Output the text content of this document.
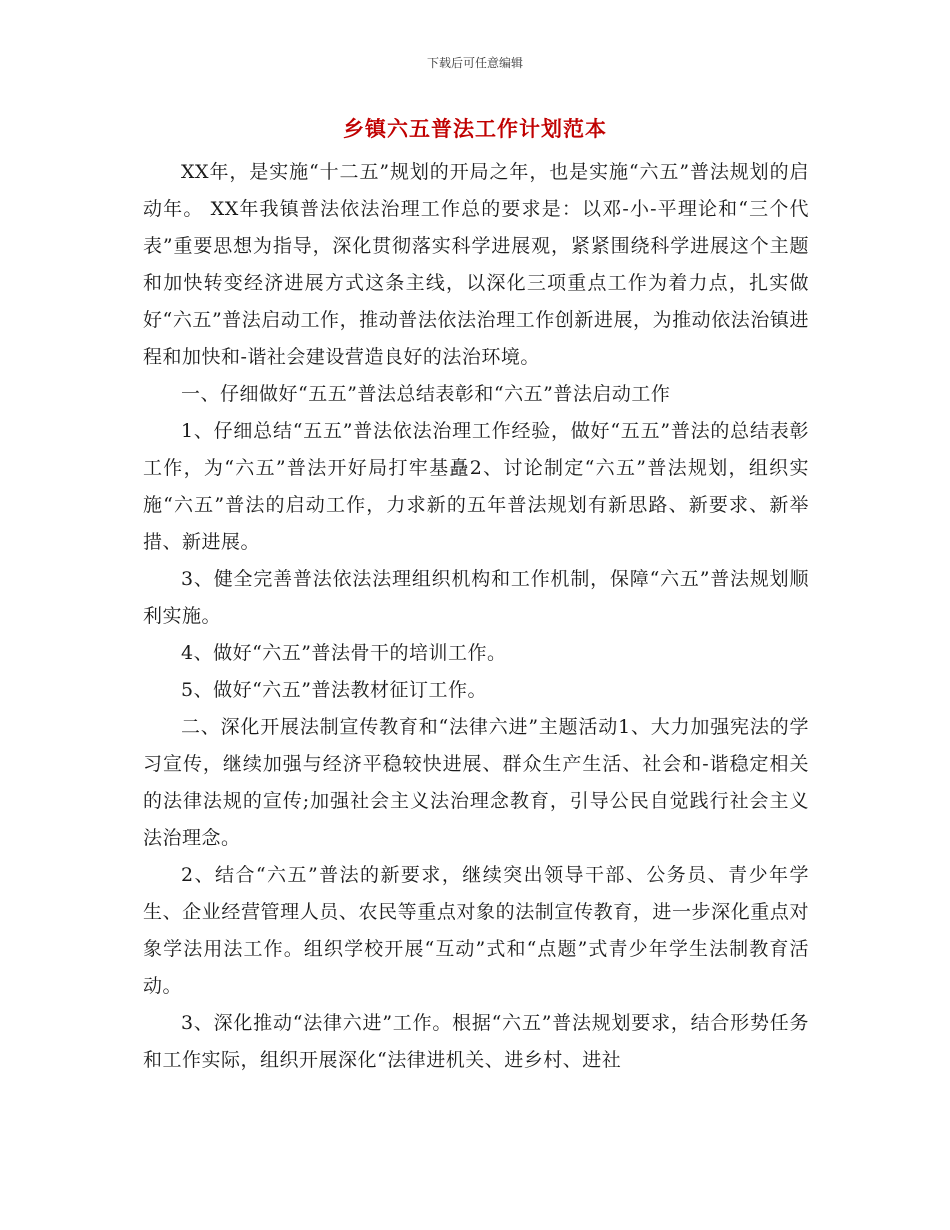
下载后可任意编辑
乡镇六五普法工作计划范本

XX年，是实施“十二五”规划的开局之年，也是实施“六五”普法规划的启动年。 XX年我镇普法依法治理工作总的要求是：以邓-小-平理论和“三个代表”重要思想为指导，深化贯彻落实科学进展观，紧紧围绕科学进展这个主题和加快转变经济进展方式这条主线，以深化三项重点工作为着力点，扎实做好“六五”普法启动工作，推动普法依法治理工作创新进展，为推动依法治镇进程和加快和-谐社会建设营造良好的法治环境。

一、仔细做好“五五”普法总结表彰和“六五”普法启动工作

1、仔细总结“五五”普法依法治理工作经验，做好“五五”普法的总结表彰工作，为“六五”普法开好局打牢基矗2、讨论制定“六五”普法规划，组织实施“六五”普法的启动工作，力求新的五年普法规划有新思路、新要求、新举措、新进展。

3、健全完善普法依法法理组织机构和工作机制，保障“六五”普法规划顺利实施。

4、做好“六五”普法骨干的培训工作。

5、做好“六五”普法教材征订工作。

二、深化开展法制宣传教育和“法律六进”主题活动1、大力加强宪法的学习宣传，继续加强与经济平稳较快进展、群众生产生活、社会和-谐稳定相关的法律法规的宣传;加强社会主义法治理念教育，引导公民自觉践行社会主义法治理念。

2、结合“六五”普法的新要求，继续突出领导干部、公务员、青少年学生、企业经营管理人员、农民等重点对象的法制宣传教育，进一步深化重点对象学法用法工作。组织学校开展“互动”式和“点题”式青少年学生法制教育活动。

3、深化推动“法律六进”工作。根据“六五”普法规划要求，结合形势任务和工作实际，组织开展深化“法律进机关、进乡村、进社
